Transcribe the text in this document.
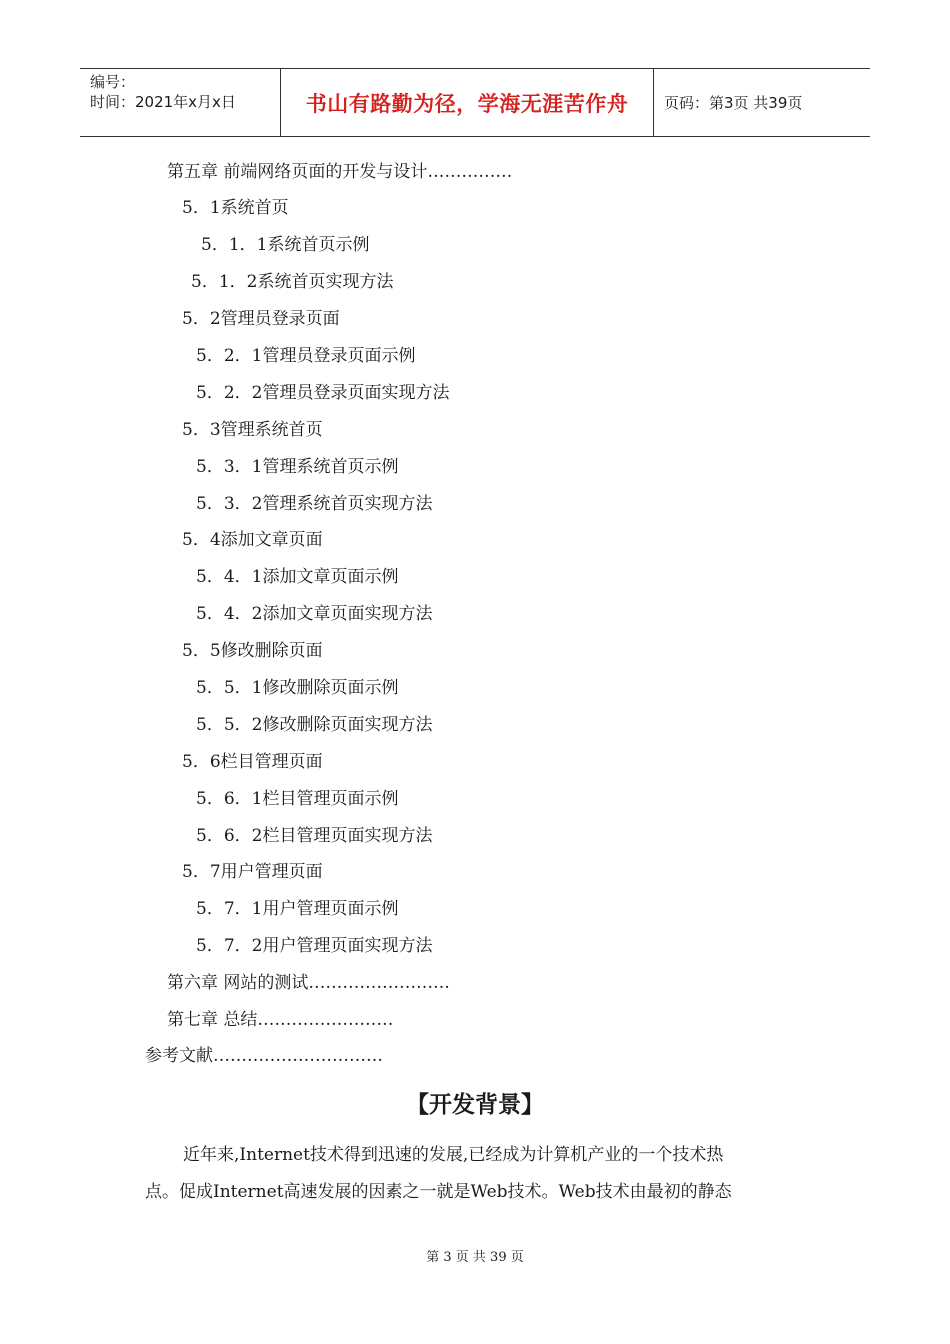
编号：
时间：2021年x月x日	书山有路勤为径，学海无涯苦作舟	页码：第3页 共39页
第五章 前端网络页面的开发与设计……………
5．1系统首页
5．1．1系统首页示例
5．1．2系统首页实现方法
5．2管理员登录页面
5．2．1管理员登录页面示例
5．2．2管理员登录页面实现方法
5．3管理系统首页
5．3．1管理系统首页示例
5．3．2管理系统首页实现方法
5．4添加文章页面
5．4．1添加文章页面示例
5．4．2添加文章页面实现方法
5．5修改删除页面
5．5．1修改删除页面示例
5．5．2修改删除页面实现方法
5．6栏目管理页面
5．6．1栏目管理页面示例
5．6．2栏目管理页面实现方法
5．7用户管理页面
5．7．1用户管理页面示例
5．7．2用户管理页面实现方法
第六章 网站的测试…………………….
第七章 总结……………………
参考文献…………………………
【开发背景】
近年来,Internet技术得到迅速的发展,已经成为计算机产业的一个技术热
点。促成Internet高速发展的因素之一就是Web技术。Web技术由最初的静态
第 3 页 共 39 页
